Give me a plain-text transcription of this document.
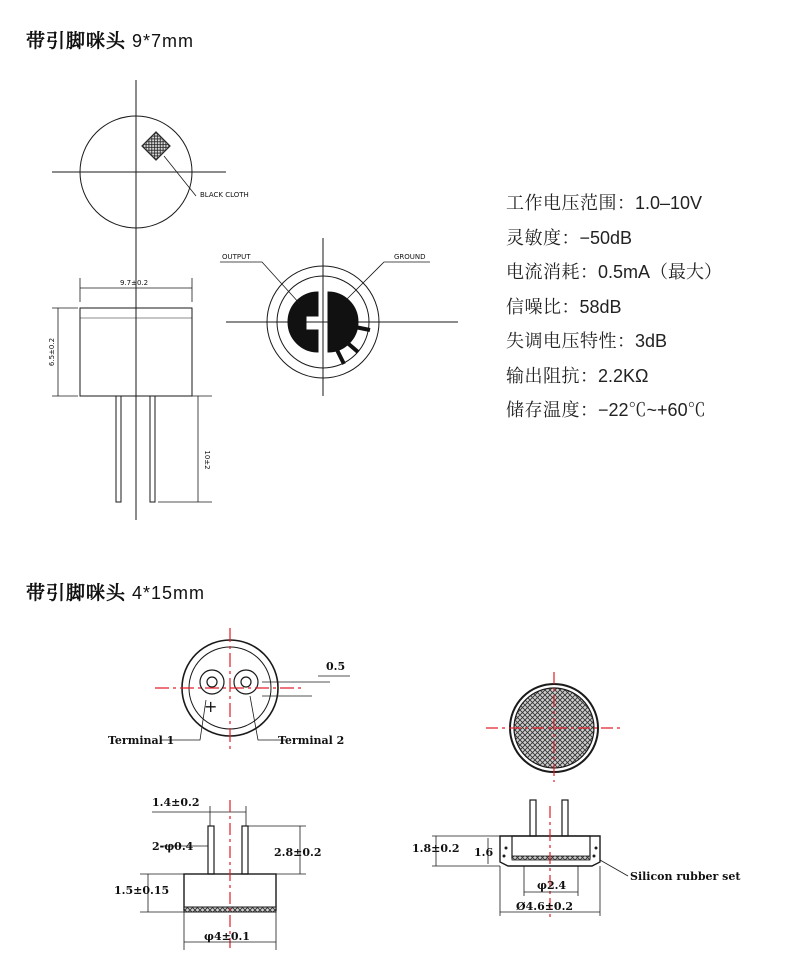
带引脚咪头 9*7mm
带引脚咪头 4*15mm
工作电压范围：1.0–10V
灵敏度：−50dB
电流消耗：0.5mA（最大）
信噪比：58dB
失调电压特性：3dB
输出阻抗：2.2KΩ
储存温度：−22℃~+60℃
BLACK CLOTH
9.7±0.2
6.5±0.2
10±2
OUTPUT	GROUND
0.5
+
Terminal 1	Terminal 2
1.4±0.2
2-φ0.4	2.8±0.2
1.5±0.15
φ4±0.1
1.8±0.2 1.6
φ2.4
Ø4.6±0.2
Silicon rubber set
